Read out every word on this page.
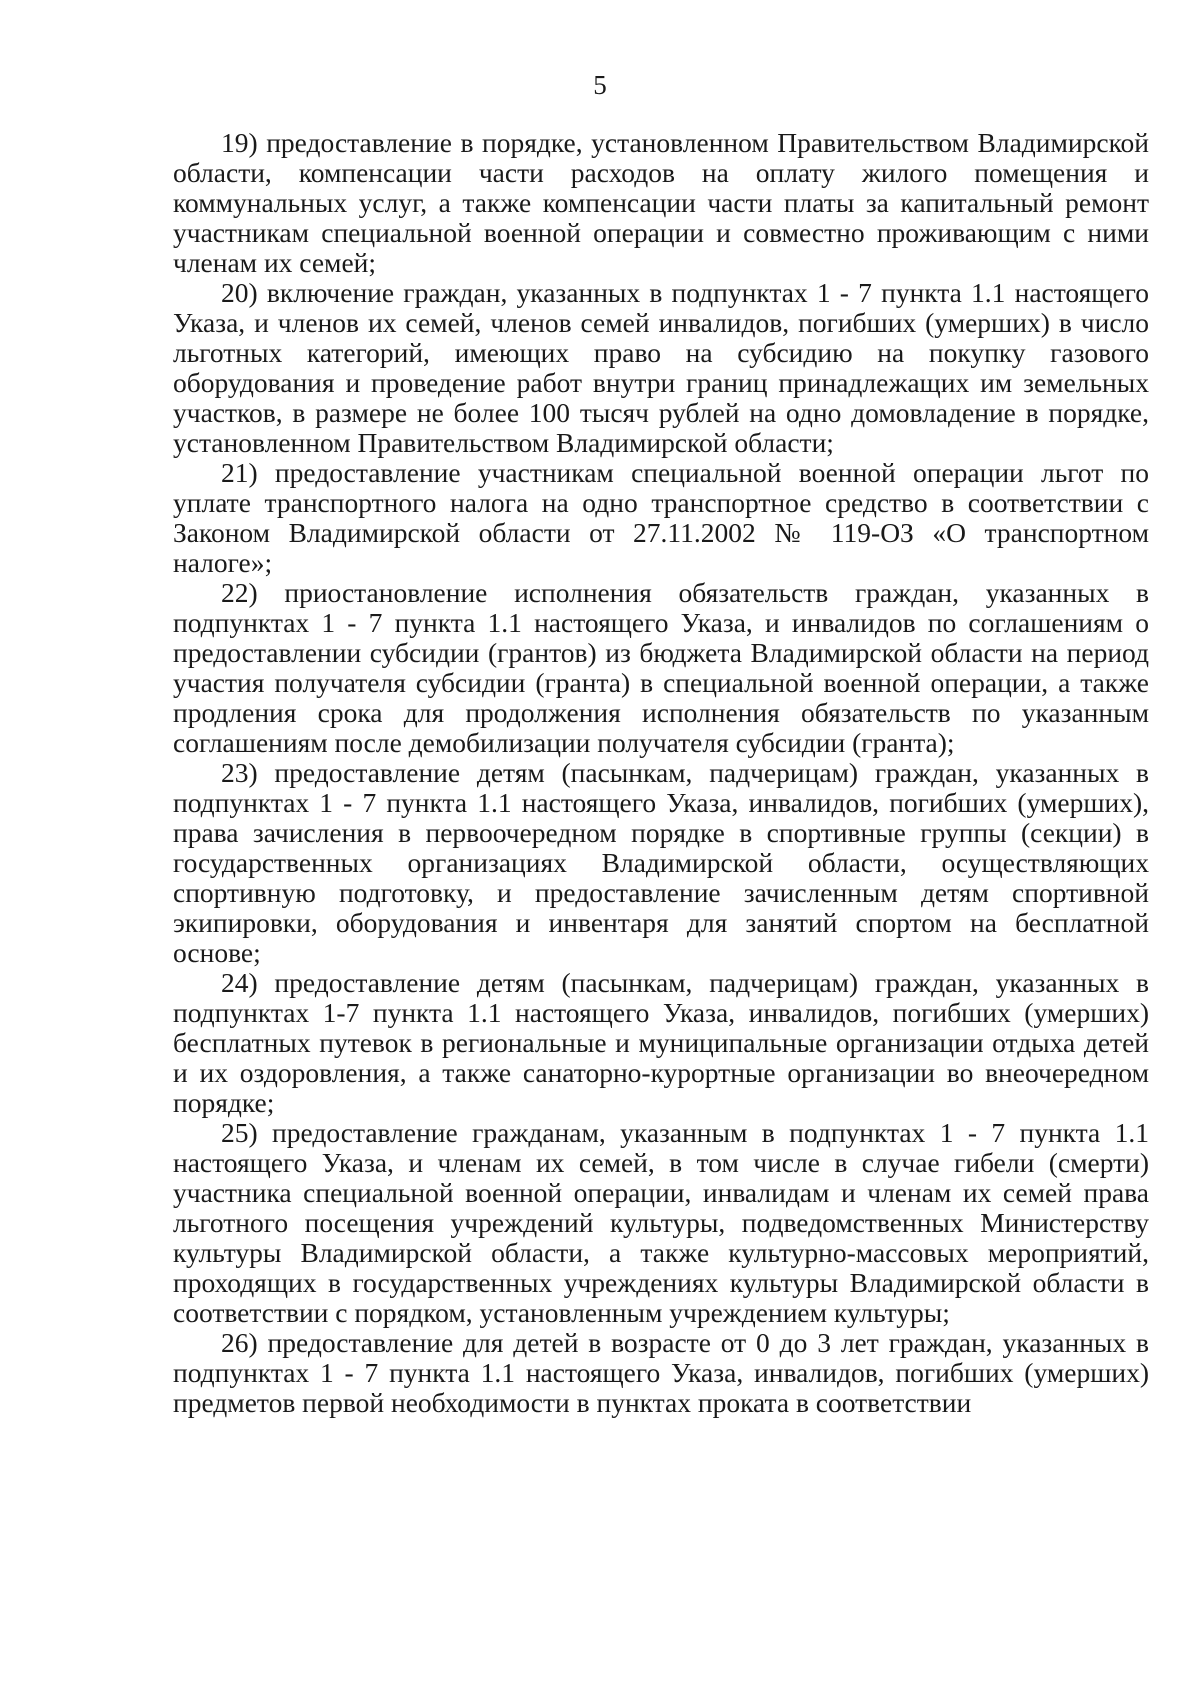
5

19) предоставление в порядке, установленном Правительством Владимирской области, компенсации части расходов на оплату жилого помещения и коммунальных услуг, а также компенсации части платы за капитальный ремонт участникам специальной военной операции и совместно проживающим с ними членам их семей;

20) включение граждан, указанных в подпунктах 1 - 7 пункта 1.1 настоящего Указа, и членов их семей, членов семей инвалидов, погибших (умерших) в число льготных категорий, имеющих право на субсидию на покупку газового оборудования и проведение работ внутри границ принадлежащих им земельных участков, в размере не более 100 тысяч рублей на одно домовладение в порядке, установленном Правительством Владимирской области;

21) предоставление участникам специальной военной операции льгот по уплате транспортного налога на одно транспортное средство в соответствии с Законом Владимирской области от 27.11.2002 № 119-ОЗ «О транспортном налоге»;

22) приостановление исполнения обязательств граждан, указанных в подпунктах 1 - 7 пункта 1.1 настоящего Указа, и инвалидов по соглашениям о предоставлении субсидии (грантов) из бюджета Владимирской области на период участия получателя субсидии (гранта) в специальной военной операции, а также продления срока для продолжения исполнения обязательств по указанным соглашениям после демобилизации получателя субсидии (гранта);

23) предоставление детям (пасынкам, падчерицам) граждан, указанных в подпунктах 1 - 7 пункта 1.1 настоящего Указа, инвалидов, погибших (умерших), права зачисления в первоочередном порядке в спортивные группы (секции) в государственных организациях Владимирской области, осуществляющих спортивную подготовку, и предоставление зачисленным детям спортивной экипировки, оборудования и инвентаря для занятий спортом на бесплатной основе;

24) предоставление детям (пасынкам, падчерицам) граждан, указанных в подпунктах 1-7 пункта 1.1 настоящего Указа, инвалидов, погибших (умерших) бесплатных путевок в региональные и муниципальные организации отдыха детей и их оздоровления, а также санаторно-курортные организации во внеочередном порядке;

25) предоставление гражданам, указанным в подпунктах 1 - 7 пункта 1.1 настоящего Указа, и членам их семей, в том числе в случае гибели (смерти) участника специальной военной операции, инвалидам и членам их семей права льготного посещения учреждений культуры, подведомственных Министерству культуры Владимирской области, а также культурно-массовых мероприятий, проходящих в государственных учреждениях культуры Владимирской области в соответствии с порядком, установленным учреждением культуры;

26) предоставление для детей в возрасте от 0 до 3 лет граждан, указанных в подпунктах 1 - 7 пункта 1.1 настоящего Указа, инвалидов, погибших (умерших) предметов первой необходимости в пунктах проката в соответствии
